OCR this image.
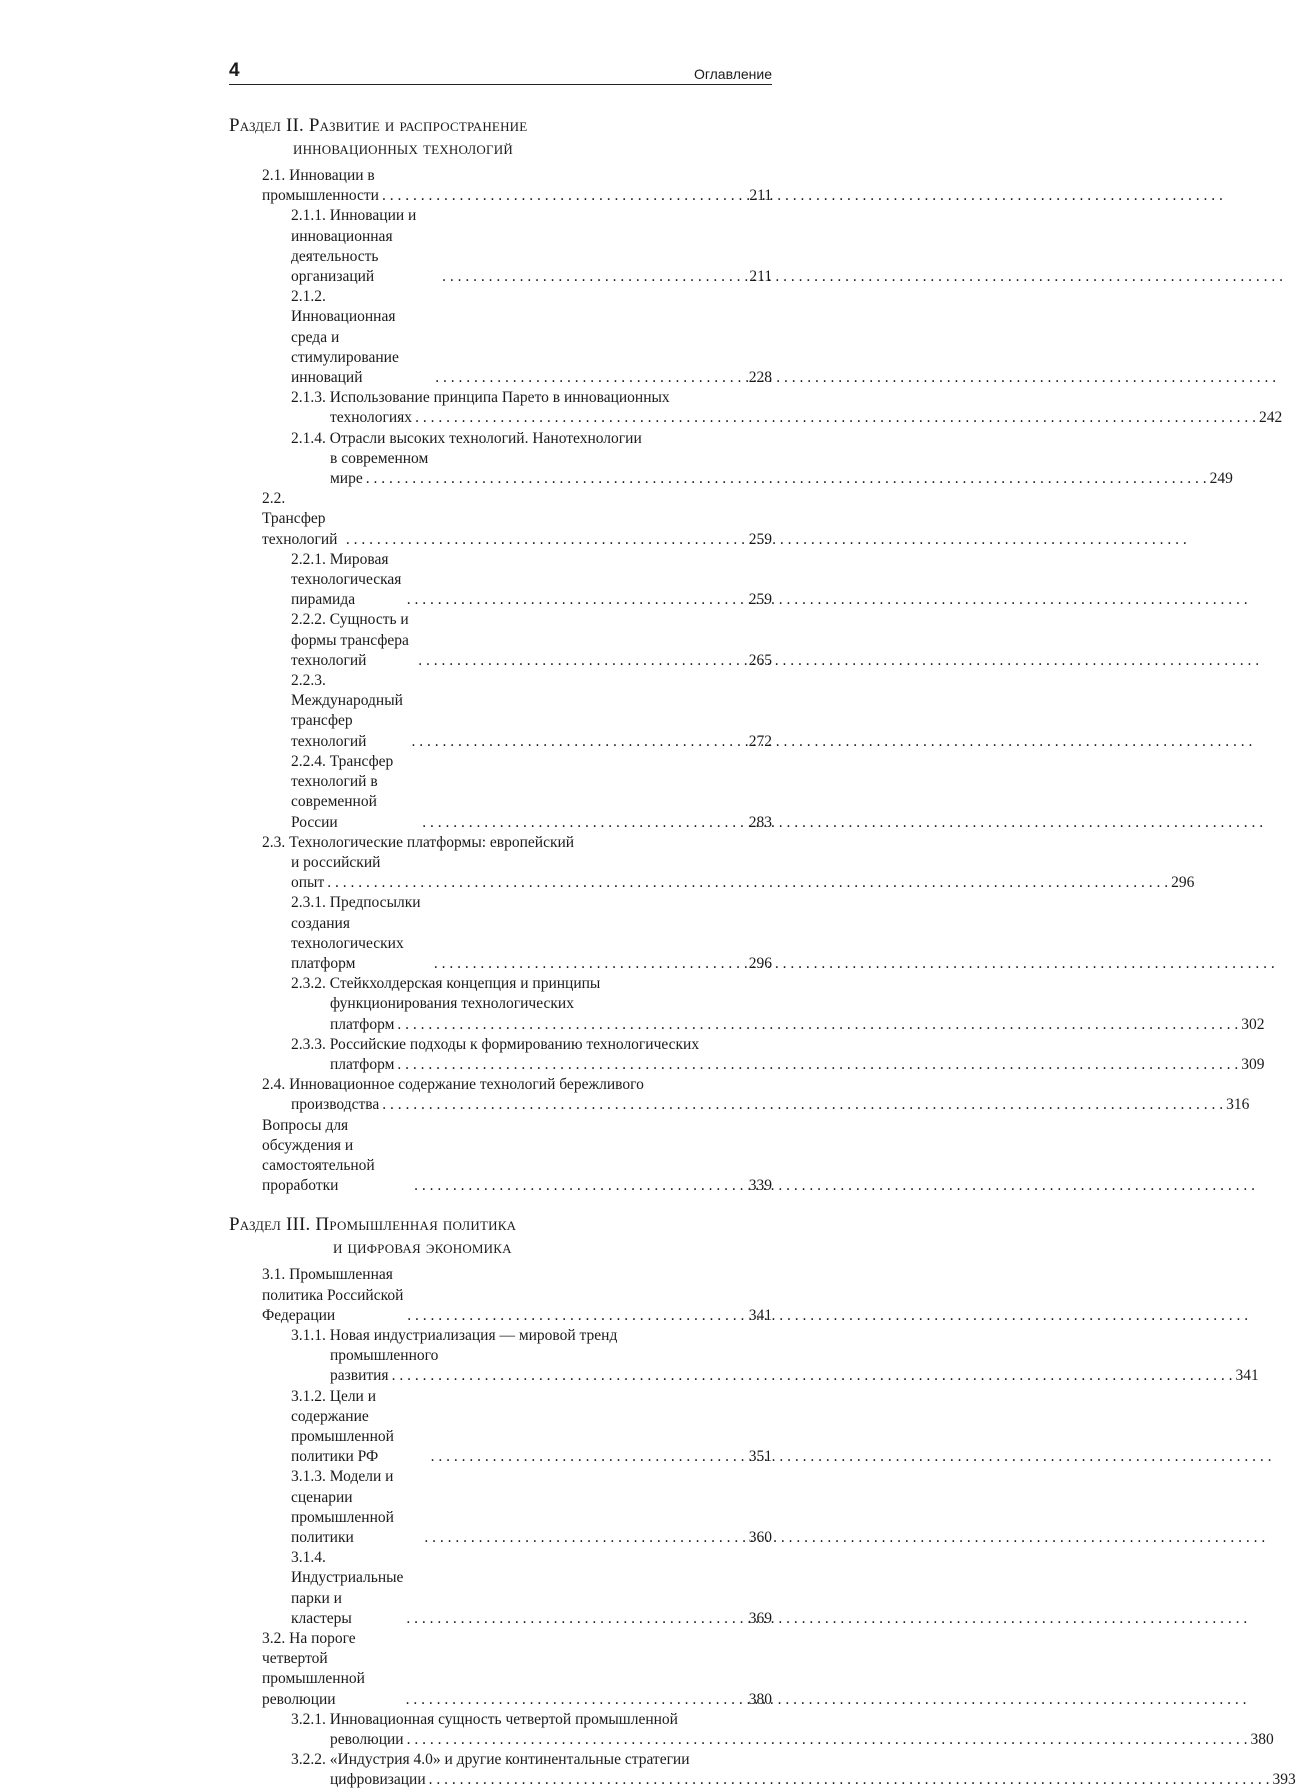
4	Оглавление
Раздел II. Развитие и распространение
инновационных технологий
2.1. Инновации в промышленности . . .	211
2.1.1. Инновации и инновационная деятельность организаций . . .	211
2.1.2. Инновационная среда и стимулирование инноваций . . .	228
2.1.3. Использование принципа Парето в инновационных
технологиях . . .	242
2.1.4. Отрасли высоких технологий. Нанотехнологии
в современном мире . . .	249
2.2. Трансфер технологий . . .	259
2.2.1. Мировая технологическая пирамида . . .	259
2.2.2. Сущность и формы трансфера технологий . . .	265
2.2.3. Международный трансфер технологий . . .	272
2.2.4. Трансфер технологий в современной России . . .	283
2.3. Технологические платформы: европейский
и российский опыт . . .	296
2.3.1. Предпосылки создания технологических платформ . . .	296
2.3.2. Стейкхолдерская концепция и принципы
функционирования технологических платформ . . .	302
2.3.3. Российские подходы к формированию технологических
платформ . . .	309
2.4. Инновационное содержание технологий бережливого
производства . . .	316
Вопросы для обсуждения и самостоятельной проработки . . .	339
Раздел III. Промышленная политика
и цифровая экономика
3.1. Промышленная политика Российской Федерации . . .	341
3.1.1. Новая индустриализация — мировой тренд
промышленного развития . . .	341
3.1.2. Цели и содержание промышленной политики РФ . . .	351
3.1.3. Модели и сценарии промышленной политики . . .	360
3.1.4. Индустриальные парки и кластеры . . .	369
3.2. На пороге четвертой промышленной революции . . .	380
3.2.1. Инновационная сущность четвертой промышленной
революции . . .	380
3.2.2. «Индустрия 4.0» и другие континентальные стратегии
цифровизации . . .	393
